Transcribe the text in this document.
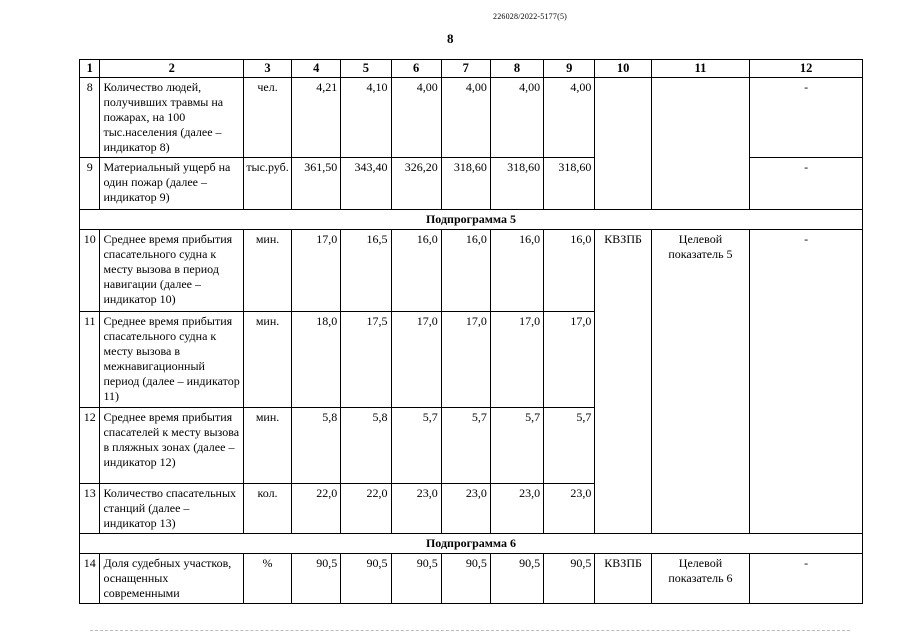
226028/2022-5177(5)
8
1	2	3	4	5	6	7	8	9	10	11	12
8	Количество людей, получивших травмы на пожарах, на 100 тыс.населения (далее – индикатор 8)	чел.	4,21	4,10	4,00	4,00	4,00	4,00			-
9	Материальный ущерб на один пожар (далее – индикатор 9)	тыс.руб.	361,50	343,40	326,20	318,60	318,60	318,60			-
Подпрограмма 5											
10	Среднее время прибытия спасательного судна к месту вызова в период навигации (далее – индикатор 10)	мин.	17,0	16,5	16,0	16,0	16,0	16,0	КВЗПБ	Целевой показатель 5	-
11	Среднее время прибытия спасательного судна к месту вызова в межнавигационный период (далее – индикатор 11)	мин.	18,0	17,5	17,0	17,0	17,0	17,0			
12	Среднее время прибытия спасателей к месту вызова в пляжных зонах (далее – индикатор 12)	мин.	5,8	5,8	5,7	5,7	5,7	5,7			
13	Количество спасательных станций (далее – индикатор 13)	кол.	22,0	22,0	23,0	23,0	23,0	23,0			
Подпрограмма 6											
14	Доля судебных участков, оснащенных современными	%	90,5	90,5	90,5	90,5	90,5	90,5	КВЗПБ	Целевой показатель 6	-
